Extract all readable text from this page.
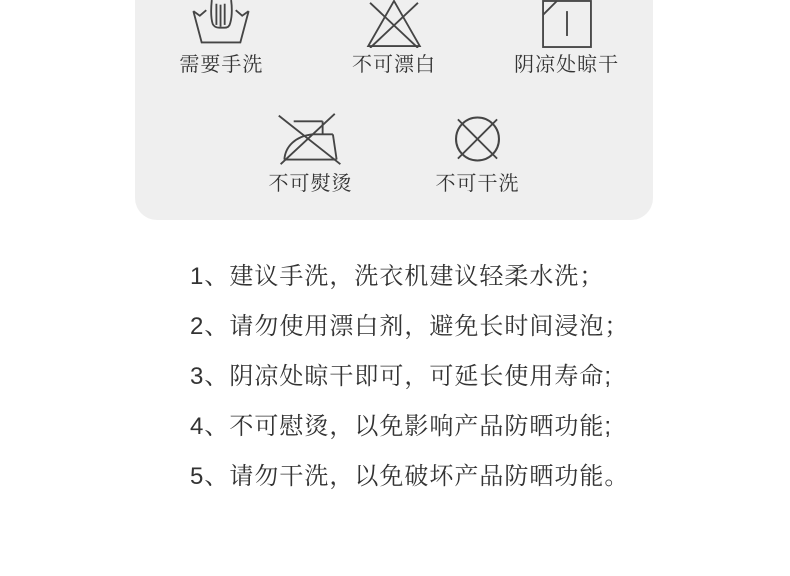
需要手洗	不可漂白	阴凉处晾干
不可熨烫	不可干洗
1、建议手洗，洗衣机建议轻柔水洗；
2、请勿使用漂白剂，避免长时间浸泡；
3、阴凉处晾干即可，可延长使用寿命;
4、不可慰烫，以免影响产品防晒功能;
5、请勿干洗，以免破坏产品防晒功能。
